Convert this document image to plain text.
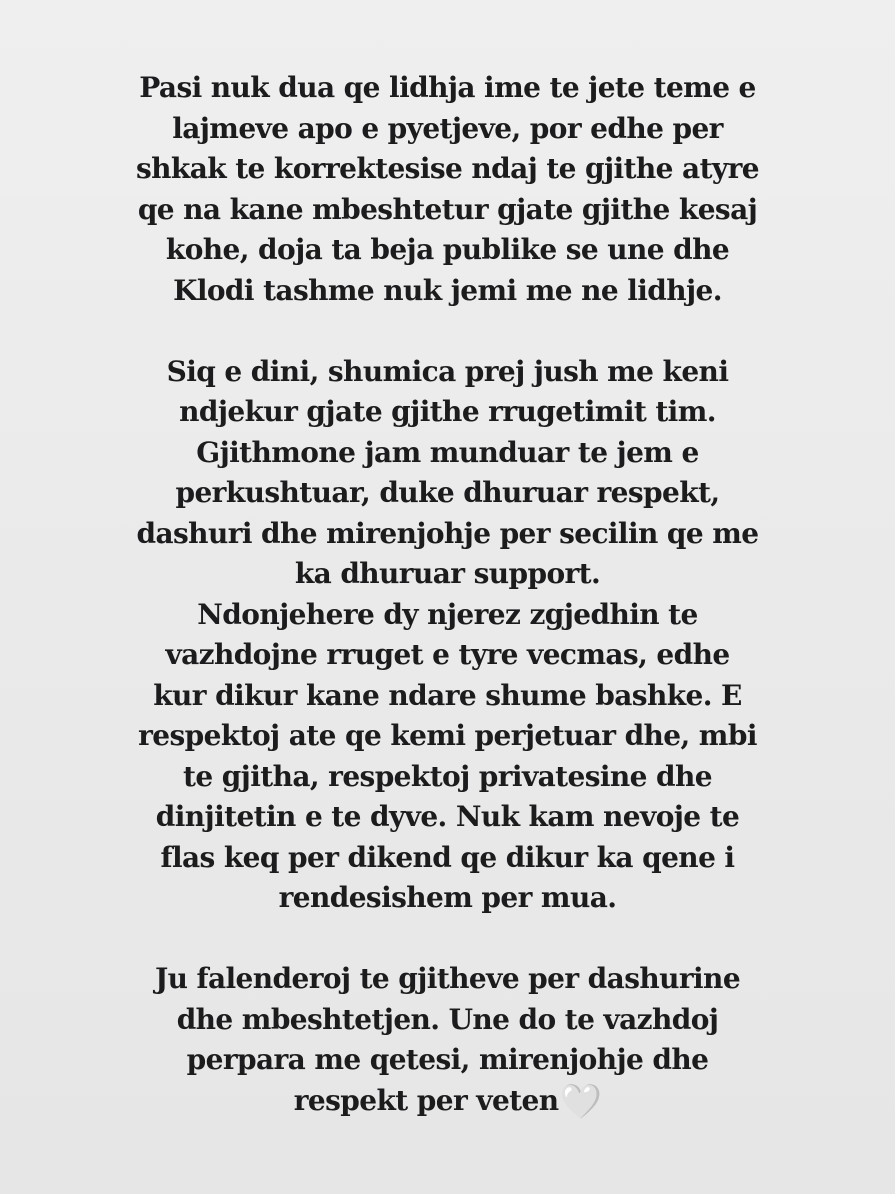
Pasi nuk dua qe lidhja ime te jete teme e
lajmeve apo e pyetjeve, por edhe per
shkak te korrektesise ndaj te gjithe atyre
qe na kane mbeshtetur gjate gjithe kesaj
kohe, doja ta beja publike se une dhe
Klodi tashme nuk jemi me ne lidhje.
Siq e dini, shumica prej jush me keni
ndjekur gjate gjithe rrugetimit tim.
Gjithmone jam munduar te jem e
perkushtuar, duke dhuruar respekt,
dashuri dhe mirenjohje per secilin qe me
ka dhuruar support.
Ndonjehere dy njerez zgjedhin te
vazhdojne rruget e tyre vecmas, edhe
kur dikur kane ndare shume bashke. E
respektoj ate qe kemi perjetuar dhe, mbi
te gjitha, respektoj privatesine dhe
dinjitetin e te dyve. Nuk kam nevoje te
flas keq per dikend qe dikur ka qene i
rendesishem per mua.
Ju falenderoj te gjitheve per dashurine
dhe mbeshtetjen. Une do te vazhdoj
perpara me qetesi, mirenjohje dhe
respekt per veten🤍
